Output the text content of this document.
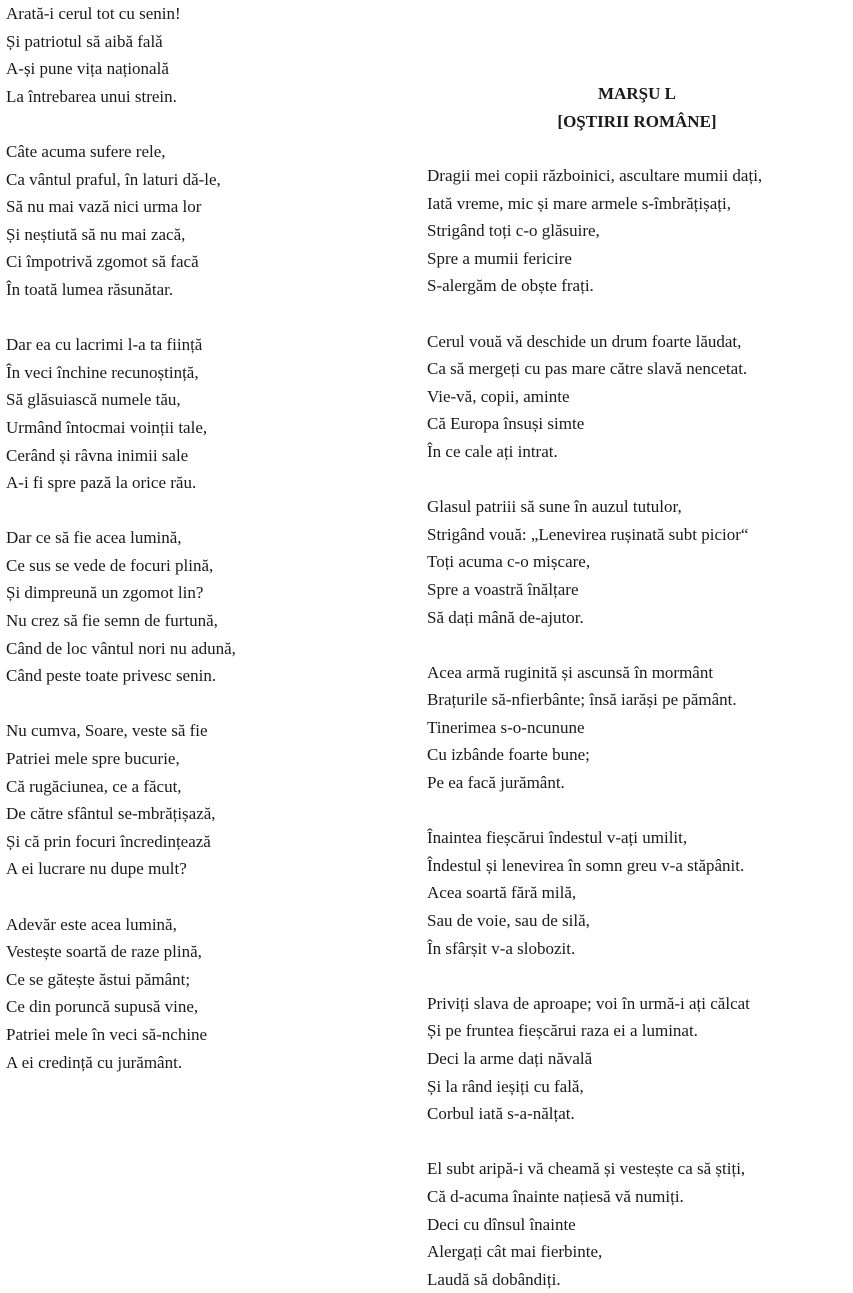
Arată-i cerul tot cu senin!
Și patriotul să aibă falǎ
A-și pune vița națională
La întrebarea unui strein.
Câte acuma sufere rele,
Ca vântul praful, în laturi dǎ-le,
Să nu mai vază nici urma lor
Și neștiută să nu mai zacă,
Ci împotrivă zgomot să facă
În toată lumea răsunătar.
Dar ea cu lacrimi l-a ta ființă
În veci închine recunoștință,
Să glăsuiască numele tău,
Urmând întocmai voinții tale,
Cerând și râvna inimii sale
A-i fi spre pază la orice rău.
Dar ce să fie acea lumină,
Ce sus se vede de focuri plină,
Și dimpreună un zgomot lin?
Nu crez să fie semn de furtună,
Când de loc vântul nori nu adună,
Când peste toate privesc senin.
Nu cumva, Soare, veste să fie
Patriei mele spre bucurie,
Că rugăciunea, ce a făcut,
De către sfântul se-mbrățișază,
Și că prin focuri încredințează
A ei lucrare nu dupe mult?
Adevăr este acea lumină,
Vestește soartă de raze plină,
Ce se gătește ăstui pământ;
Ce din poruncă supusă vine,
Patriei mele în veci să-nchine
A ei credință cu jurământ.
MARŞU L
[OŞTIRII ROMÂNE]
Dragii mei copii războinici, ascultare mumii dați,
Iată vreme, mic și mare armele s-îmbrățișați,
Strigând toți c-o glăsuire,
Spre a mumii fericire
S-alergăm de obște frați.
Cerul vouă vă deschide un drum foarte lăudat,
Ca să mergeți cu pas mare către slavă nencetat.
Vie-vă, copii, aminte
Că Europa însuși simte
În ce cale ați intrat.
Glasul patriii să sune în auzul tutulor,
Strigând vouă: „Lenevirea rușinată subt picior“
Toți acuma c-o mișcare,
Spre a voastră înălțare
Să dați mână de-ajutor.
Acea armă ruginită și ascunsă în mormânt
Brațurile să-nfierbânte; însă iarăși pe pământ.
Tinerimea s-o-ncunune
Cu izbânde foarte bune;
Pe ea facă jurământ.
Înaintea fieșcărui îndestul v-ați umilit,
Îndestul și lenevirea în somn greu v-a stăpânit.
Acea soartă fără milă,
Sau de voie, sau de silă,
În sfârșit v-a slobozit.
Priviți slava de aproape; voi în urmă-i ați călcat
Și pe fruntea fieșcărui raza ei a luminat.
Deci la arme dați năvală
Și la rând ieșiți cu falǎ,
Corbul iată s-a-nălțat.
El subt aripă-i vă cheamă și vestește ca să știți,
Că d-acuma înainte națiesă vă numiți.
Deci cu dînsul înainte
Alergați cât mai fierbinte,
Laudă să dobândiți.
